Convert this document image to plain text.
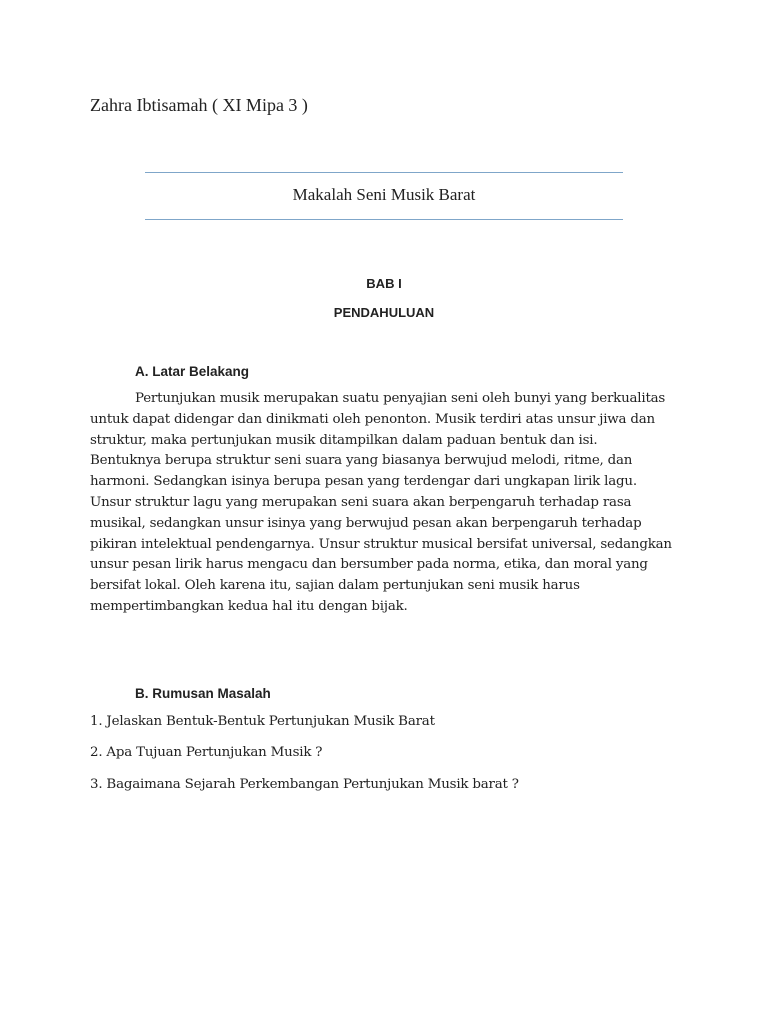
Zahra Ibtisamah ( XI Mipa 3 )
Makalah Seni Musik Barat
BAB I
PENDAHULUAN
A. Latar Belakang
Pertunjukan musik merupakan suatu penyajian seni oleh bunyi yang berkualitas
untuk dapat didengar dan dinikmati oleh penonton. Musik terdiri atas unsur jiwa dan
struktur, maka pertunjukan musik ditampilkan dalam paduan bentuk dan isi.
Bentuknya berupa struktur seni suara yang biasanya berwujud melodi, ritme, dan
harmoni. Sedangkan isinya berupa pesan yang terdengar dari ungkapan lirik lagu.
Unsur struktur lagu yang merupakan seni suara akan berpengaruh terhadap rasa
musikal, sedangkan unsur isinya yang berwujud pesan akan berpengaruh terhadap
pikiran intelektual pendengarnya. Unsur struktur musical bersifat universal, sedangkan
unsur pesan lirik harus mengacu dan bersumber pada norma, etika, dan moral yang
bersifat lokal. Oleh karena itu, sajian dalam pertunjukan seni musik harus
mempertimbangkan kedua hal itu dengan bijak.
B. Rumusan Masalah
1. Jelaskan Bentuk-Bentuk Pertunjukan Musik Barat
2. Apa Tujuan Pertunjukan Musik ?
3. Bagaimana Sejarah Perkembangan Pertunjukan Musik barat ?
